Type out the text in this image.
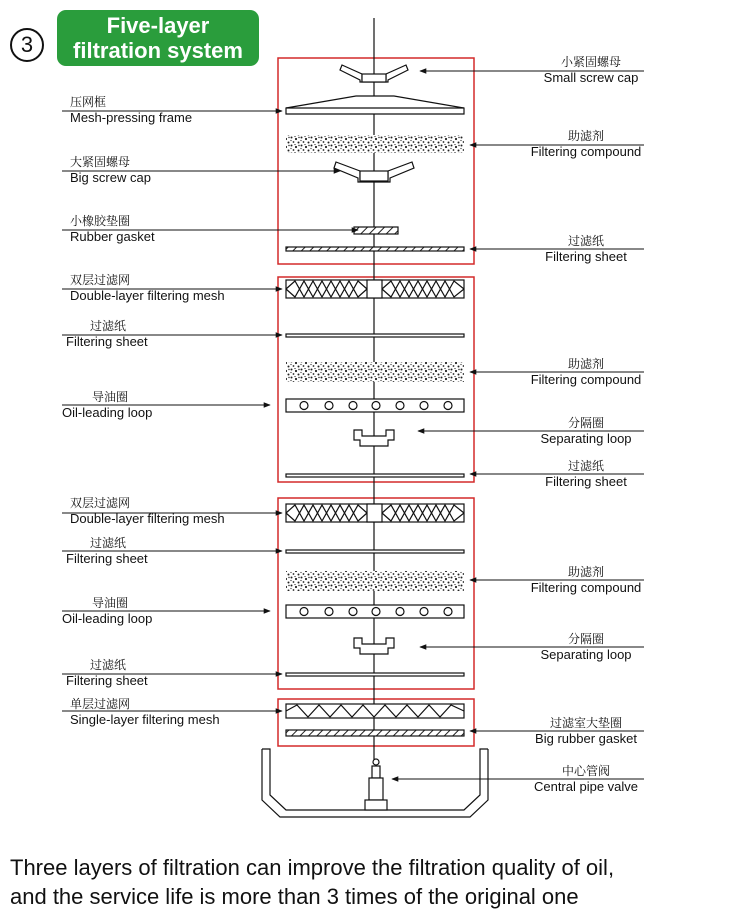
3
Five-layer
filtration system
压网框
Mesh-pressing frame
大紧固螺母
Big screw cap
小橡胶垫圈
Rubber gasket
双层过滤网
Double-layer filtering mesh
过滤纸
Filtering sheet
导油圈
Oil-leading loop
双层过滤网
Double-layer filtering mesh
过滤纸
Filtering sheet
导油圈
Oil-leading loop
过滤纸
Filtering sheet
单层过滤网
Single-layer filtering mesh
小紧固螺母
Small screw cap
助滤剂
Filtering compound
过滤纸
Filtering sheet
助滤剂
Filtering compound
分隔圈
Separating loop
过滤纸
Filtering sheet
助滤剂
Filtering compound
分隔圈
Separating loop
过滤室大垫圈
Big rubber gasket
中心管阀
Central pipe valve
Three layers of filtration can improve the filtration quality of oil,
and the service life is more than 3 times of the original one
